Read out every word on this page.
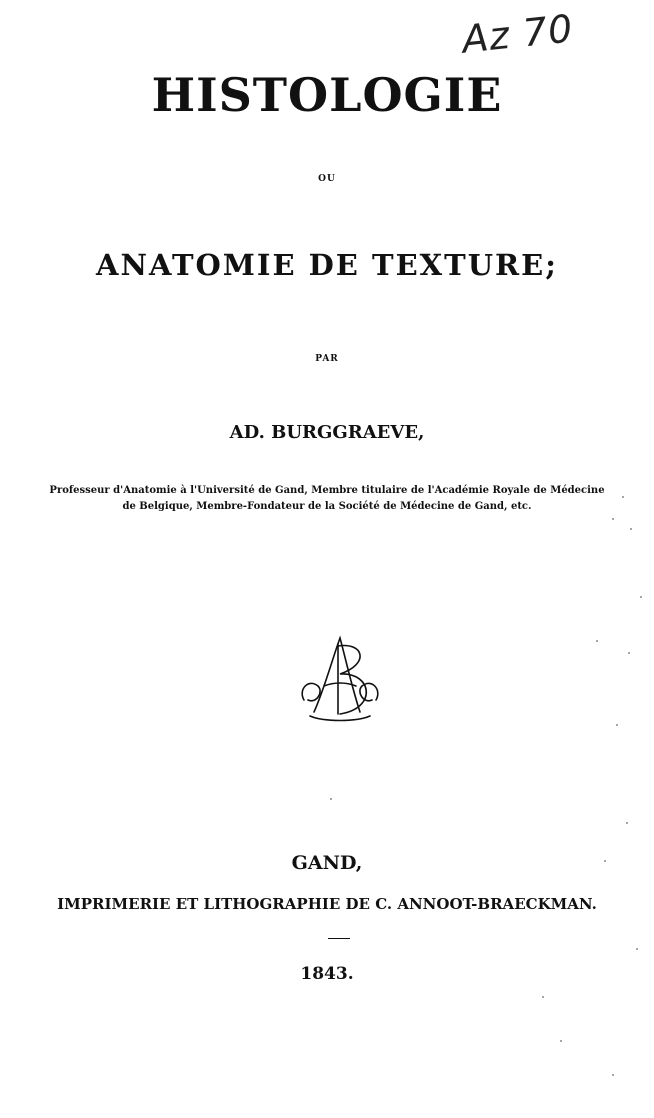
Az 70
HISTOLOGIE
OU
ANATOMIE DE TEXTURE;
PAR
AD. BURGGRAEVE,
Professeur d'Anatomie à l'Université de Gand, Membre titulaire de l'Académie Royale de Médecine
de Belgique, Membre-Fondateur de la Société de Médecine de Gand, etc.
GAND,
IMPRIMERIE ET LITHOGRAPHIE DE C. ANNOOT-BRAECKMAN.
1843.
